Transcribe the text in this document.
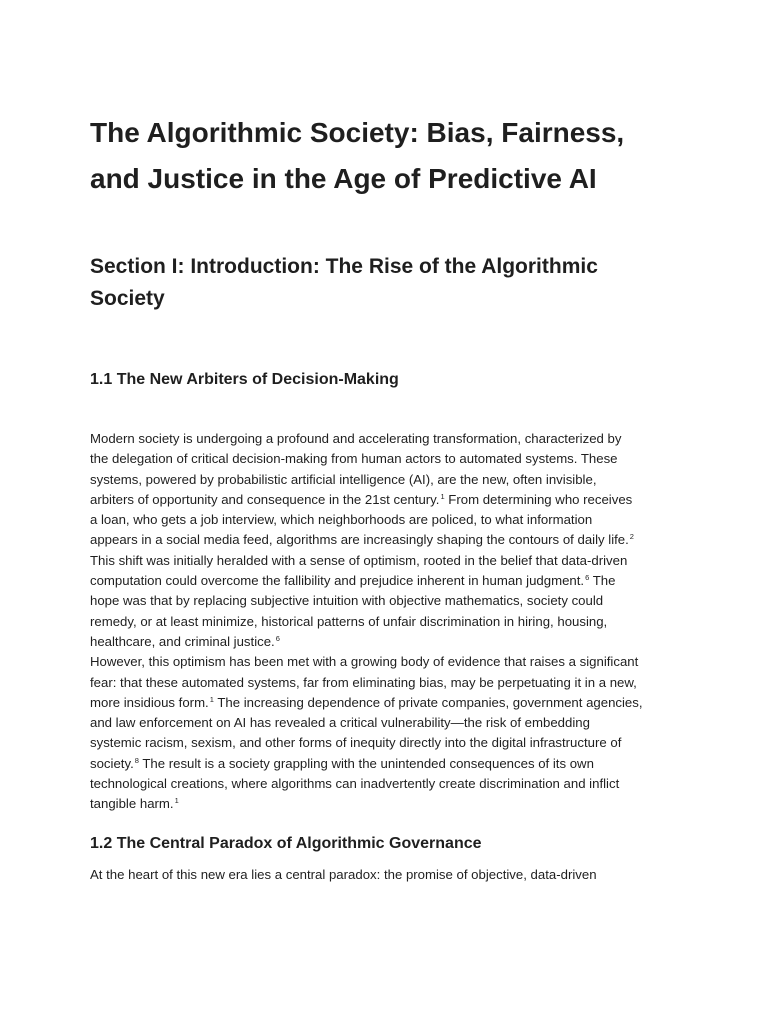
The Algorithmic Society: Bias, Fairness,
and Justice in the Age of Predictive AI
Section I: Introduction: The Rise of the Algorithmic
Society
1.1 The New Arbiters of Decision-Making
Modern society is undergoing a profound and accelerating transformation, characterized by
the delegation of critical decision-making from human actors to automated systems. These
systems, powered by probabilistic artificial intelligence (AI), are the new, often invisible,
arbiters of opportunity and consequence in the 21st century.$^1$ From determining who receives
a loan, who gets a job interview, which neighborhoods are policed, to what information
appears in a social media feed, algorithms are increasingly shaping the contours of daily life.$^2$
This shift was initially heralded with a sense of optimism, rooted in the belief that data-driven
computation could overcome the fallibility and prejudice inherent in human judgment.$^6$ The
hope was that by replacing subjective intuition with objective mathematics, society could
remedy, or at least minimize, historical patterns of unfair discrimination in hiring, housing,
healthcare, and criminal justice.$^6$
However, this optimism has been met with a growing body of evidence that raises a significant
fear: that these automated systems, far from eliminating bias, may be perpetuating it in a new,
more insidious form.$^1$ The increasing dependence of private companies, government agencies,
and law enforcement on AI has revealed a critical vulnerability—the risk of embedding
systemic racism, sexism, and other forms of inequity directly into the digital infrastructure of
society.$^8$ The result is a society grappling with the unintended consequences of its own
technological creations, where algorithms can inadvertently create discrimination and inflict
tangible harm.$^1$
1.2 The Central Paradox of Algorithmic Governance
At the heart of this new era lies a central paradox: the promise of objective, data-driven
